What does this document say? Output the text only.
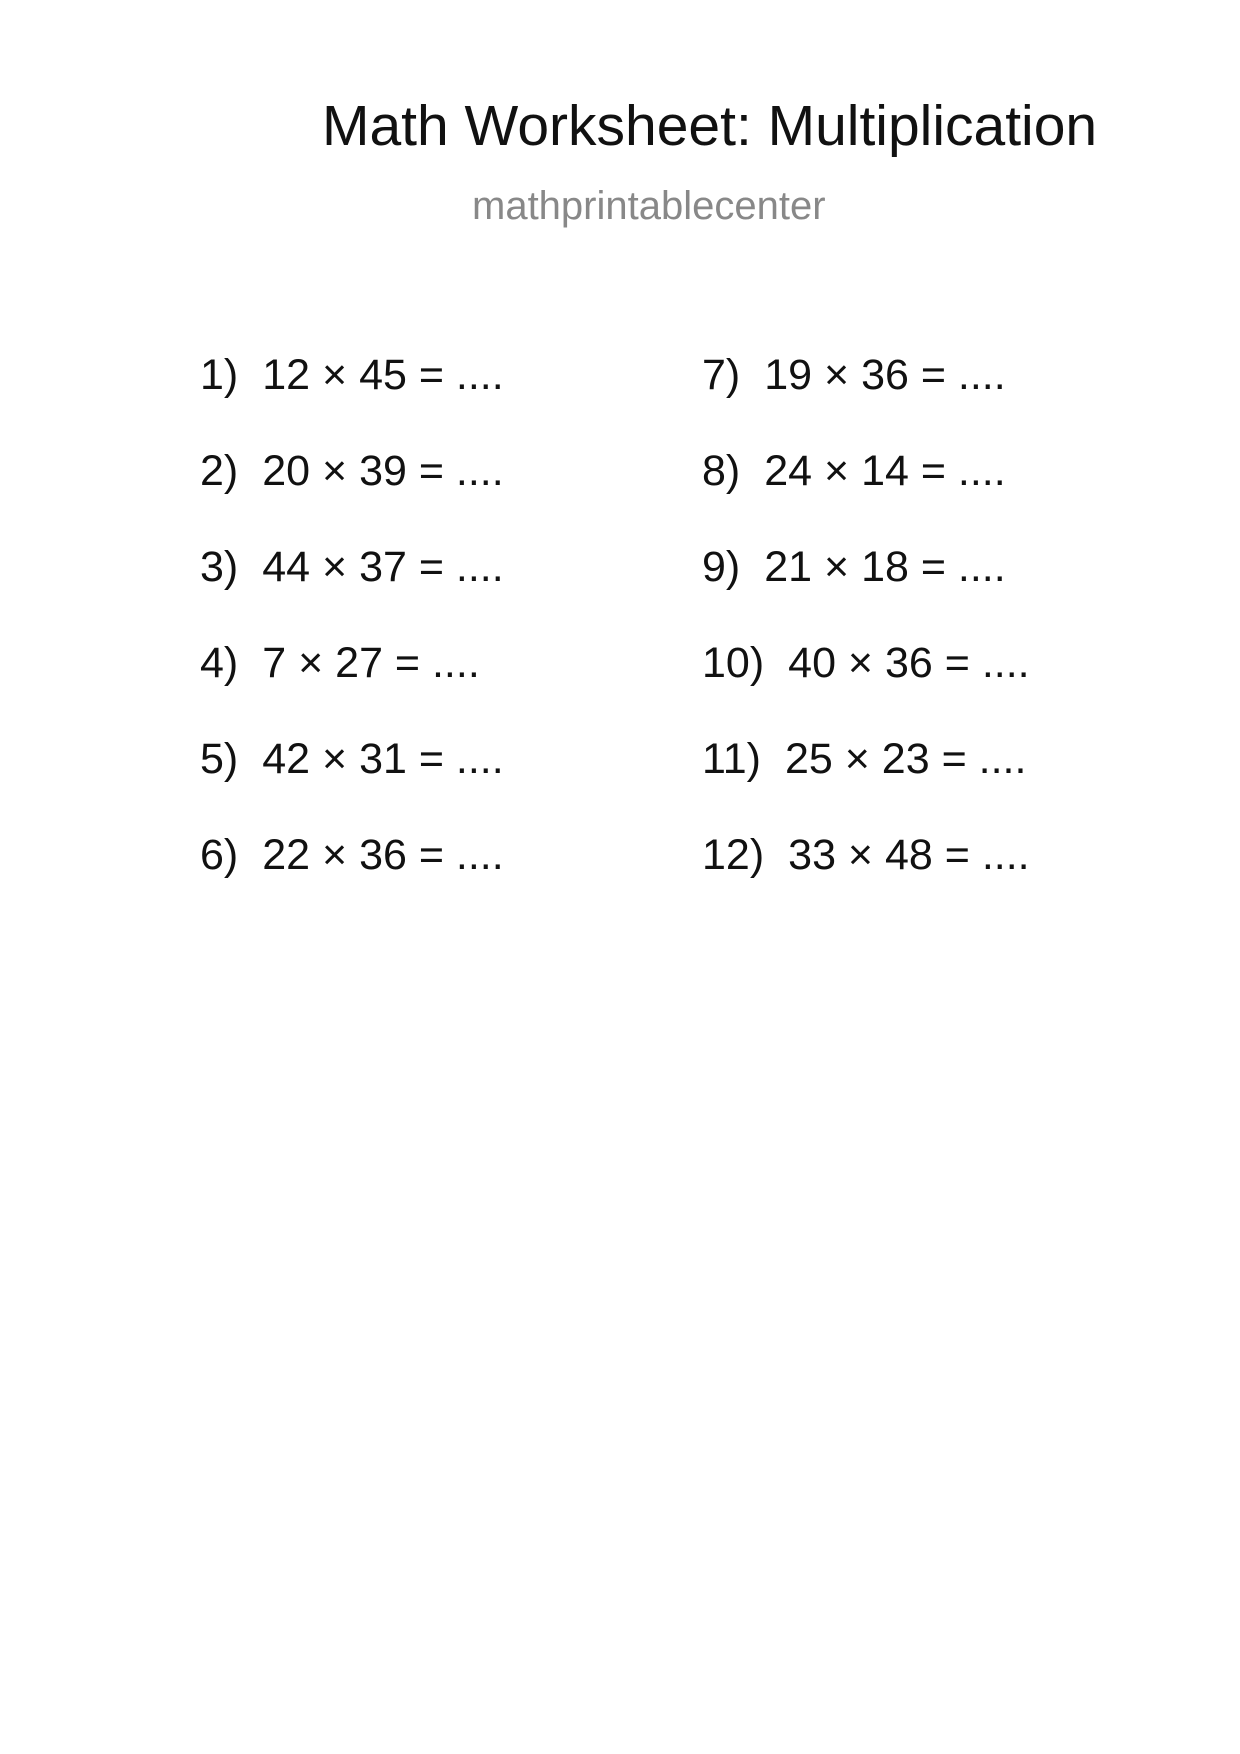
Math Worksheet: Multiplication
mathprintablecenter
1) 12 × 45 = ....
2) 20 × 39 = ....
3) 44 × 37 = ....
4) 7 × 27 = ....
5) 42 × 31 = ....
6) 22 × 36 = ....
7) 19 × 36 = ....
8) 24 × 14 = ....
9) 21 × 18 = ....
10) 40 × 36 = ....
11) 25 × 23 = ....
12) 33 × 48 = ....
